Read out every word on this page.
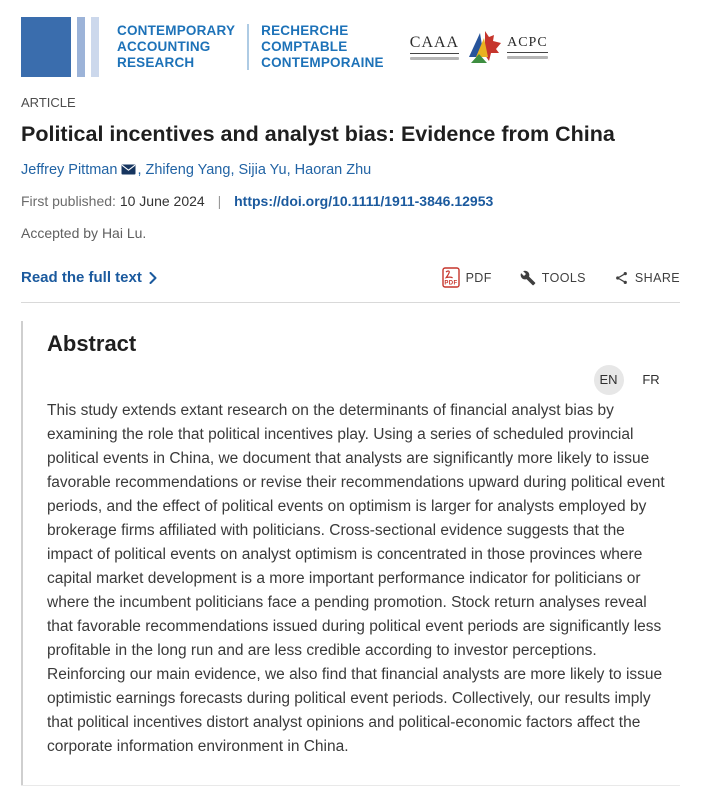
CONTEMPORARY
ACCOUNTING
RESEARCH
RECHERCHE
COMPTABLE
CONTEMPORAINE
CAAA	ACPC
ARTICLE
Political incentives and analyst bias: Evidence from China
Jeffrey Pittman , Zhifeng Yang, Sijia Yu, Haoran Zhu
First published: 10 June 2024 | https://doi.org/10.1111/1911-3846.12953
Accepted by Hai Lu.
Read the full text	PDF PDF	TOOLS	SHARE
Abstract
EN FR

This study extends extant research on the determinants of financial analyst bias by examining the role that political incentives play. Using a series of scheduled provincial political events in China, we document that analysts are significantly more likely to issue favorable recommendations or revise their recommendations upward during political event periods, and the effect of political events on optimism is larger for analysts employed by brokerage firms affiliated with politicians. Cross-sectional evidence suggests that the impact of political events on analyst optimism is concentrated in those provinces where capital market development is a more important performance indicator for politicians or where the incumbent politicians face a pending promotion. Stock return analyses reveal that favorable recommendations issued during political event periods are significantly less profitable in the long run and are less credible according to investor perceptions. Reinforcing our main evidence, we also find that financial analysts are more likely to issue optimistic earnings forecasts during political event periods. Collectively, our results imply that political incentives distort analyst opinions and political-economic factors affect the corporate information environment in China.
